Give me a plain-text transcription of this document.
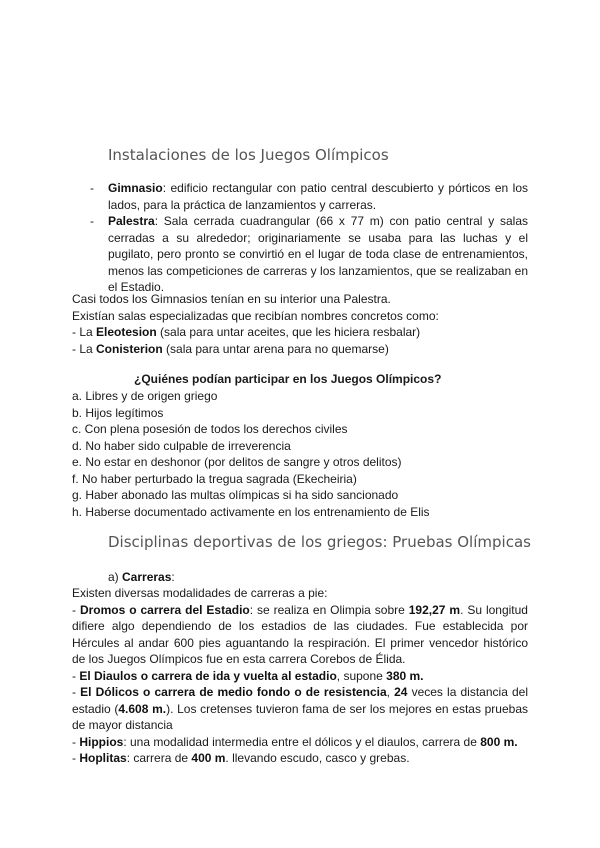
Instalaciones de los Juegos Olímpicos
-	Gimnasio: edificio rectangular con patio central descubierto y pórticos en los lados, para la práctica de lanzamientos y carreras.

-	Palestra: Sala cerrada cuadrangular (66 x 77 m) con patio central y salas cerradas a su alrededor; originariamente se usaba para las luchas y el pugilato, pero pronto se convirtió en el lugar de toda clase de entrenamientos, menos las competiciones de carreras y los lanzamientos, que se realizaban en el Estadio.

Casi todos los Gimnasios tenían en su interior una Palestra.

Existían salas especializadas que recibían nombres concretos como:

- La Eleotesion (sala para untar aceites, que les hiciera resbalar)

- La Conisterion (sala para untar arena para no quemarse)

¿Quiénes podían participar en los Juegos Olímpicos?

a. Libres y de origen griego

b. Hijos legítimos

c. Con plena posesión de todos los derechos civiles

d. No haber sido culpable de irreverencia

e. No estar en deshonor (por delitos de sangre y otros delitos)

f. No haber perturbado la tregua sagrada (Ekecheiria)

g. Haber abonado las multas olímpicas si ha sido sancionado

h. Haberse documentado activamente en los entrenamiento de Elis

Disciplinas deportivas de los griegos: Pruebas Olímpicas

a) Carreras:

Existen diversas modalidades de carreras a pie:

- Dromos o carrera del Estadio: se realiza en Olimpia sobre 192,27 m. Su longitud difiere algo dependiendo de los estadios de las ciudades. Fue establecida por Hércules al andar 600 pies aguantando la respiración. El primer vencedor histórico de los Juegos Olímpicos fue en esta carrera Corebos de Élida.

- El Diaulos o carrera de ida y vuelta al estadio, supone 380 m.

- El Dólicos o carrera de medio fondo o de resistencia, 24 veces la distancia del estadio (4.608 m.). Los cretenses tuvieron fama de ser los mejores en estas pruebas de mayor distancia

- Hippios: una modalidad intermedia entre el dólicos y el diaulos, carrera de 800 m.

- Hoplitas: carrera de 400 m. llevando escudo, casco y grebas.
